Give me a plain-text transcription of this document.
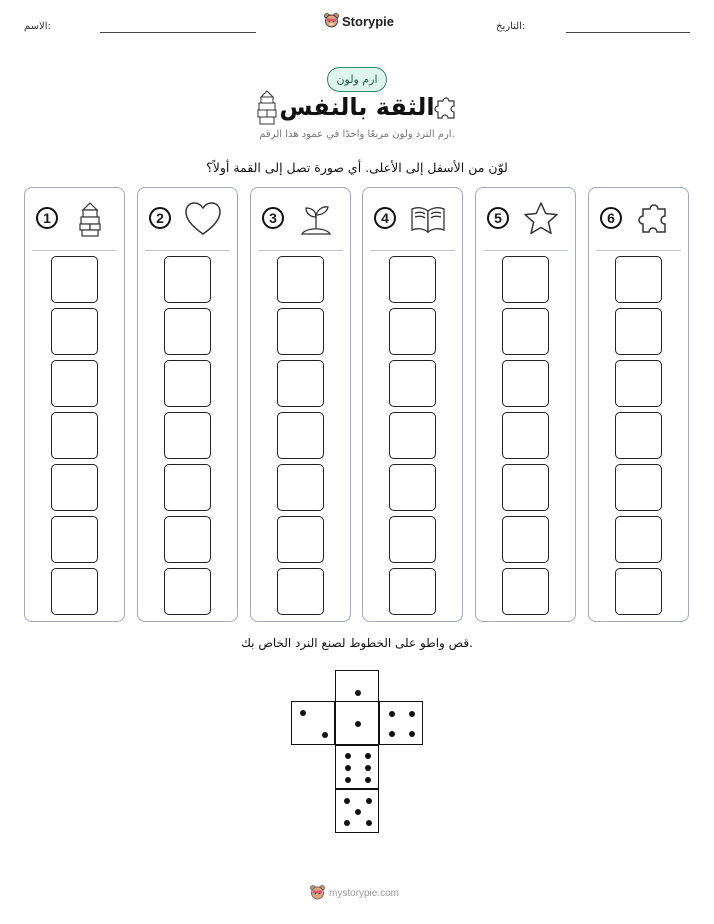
الاسم:	التاريخ:
Storypie
ارم ولون
الثقة بالنفس
ارم النرد ولون مربعًا واحدًا في عمود هذا الرقم.
لوّن من الأسفل إلى الأعلى. أي صورة تصل إلى القمة أولاً؟
1	2	3	4	5	6
قص واطو على الخطوط لصنع النرد الخاص بك.
mystorypie.com
